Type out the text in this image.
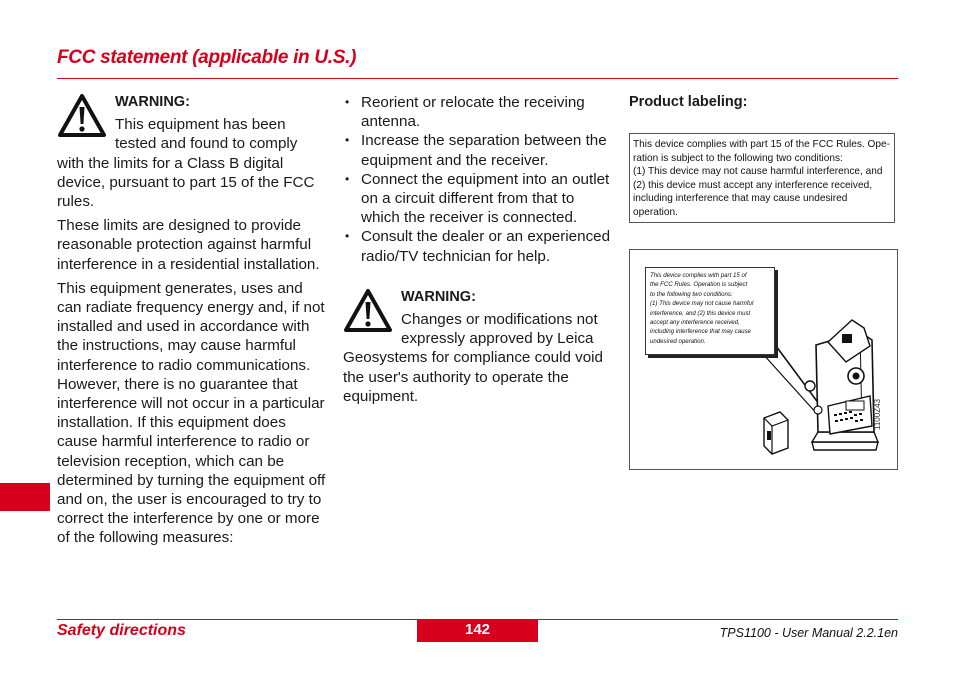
FCC statement (applicable in U.S.)
WARNING:

This equipment has been tested and found to comply with the limits for a Class B digital device, pursuant to part 15 of the FCC rules.

These limits are designed to provide reasonable protection against harmful interference in a residential installation.

This equipment generates, uses and can radiate frequency energy and, if not installed and used in accordance with the instructions, may cause harmful interference to radio communications. However, there is no guarantee that interference will not occur in a particular installation. If this equipment does cause harmful interference to radio or television reception, which can be determined by turning the equipment off and on, the user is encouraged to try to correct the interference by one or more of the following measures:

• Reorient or relocate the receiving antenna.
• Increase the separation between the equipment and the receiver.
• Connect the equipment into an outlet on a circuit different from that to which the receiver is connected.
• Consult the dealer or an experienced radio/TV technician for help.
WARNING:

Changes or modifications not expressly approved by Leica Geosystems for compliance could void the user's authority to operate the equipment.

Product labeling:
This device complies with part 15 of the FCC Rules. Ope-
ration is subject to the following two conditions:
(1) This device may not cause harmful interference, and
(2) this device must accept any interference received,
including interference that may cause undesired
operation.
This device complies with part 15 of
the FCC Rules. Operation is subject
to the following two conditions:
(1) This device may not cause harmful
interference, and (2) this device must
accept any interference received,
including interference that may cause
undesired operation.
1100Z43
Safety directions	142	TPS1100 - User Manual 2.2.1en
